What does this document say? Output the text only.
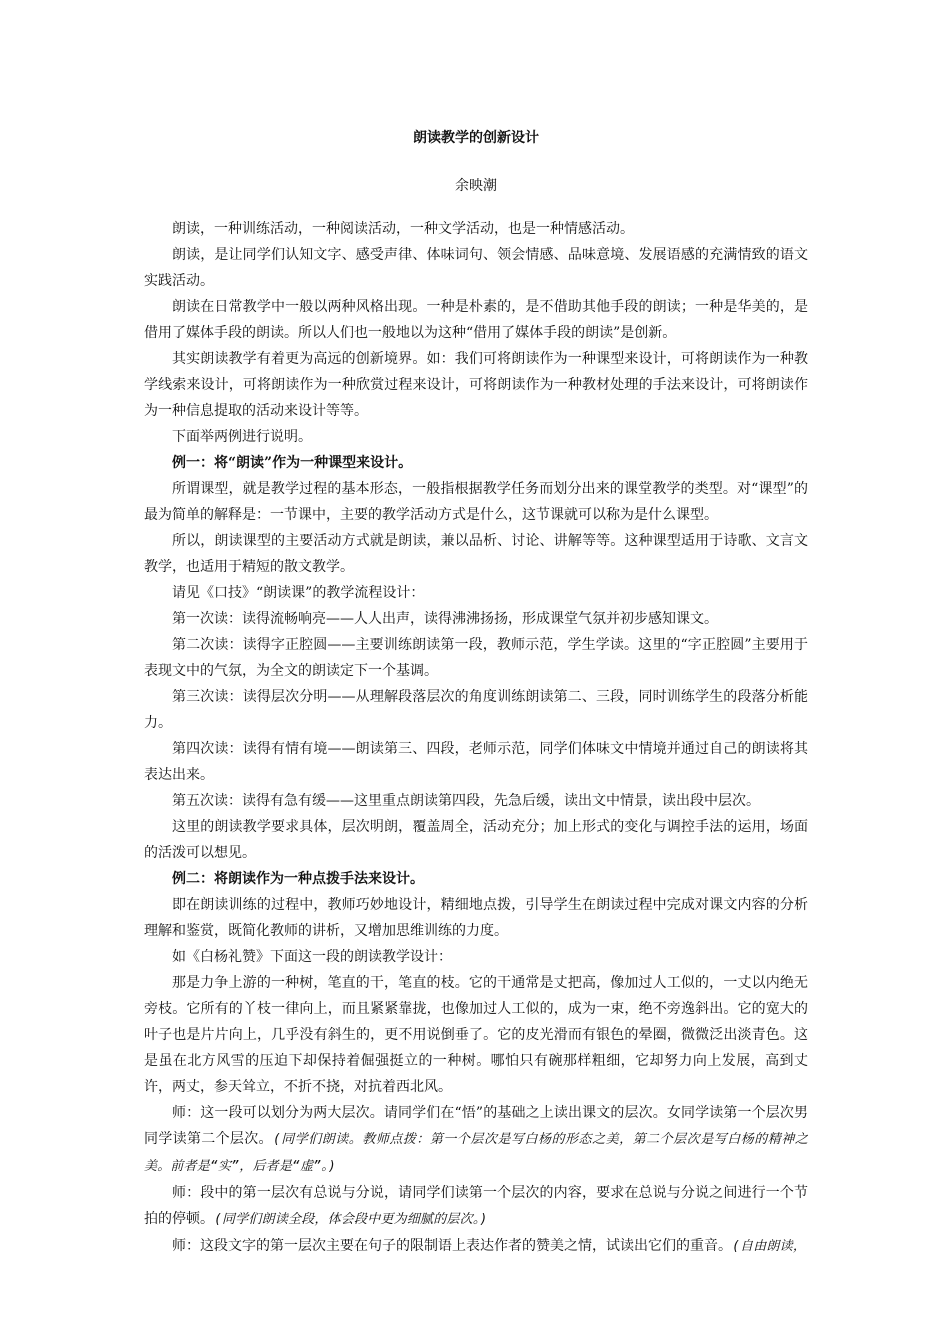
朗读教学的创新设计

余映潮

朗读，一种训练活动，一种阅读活动，一种文学活动，也是一种情感活动。

朗读，是让同学们认知文字、感受声律、体味词句、领会情感、品味意境、发展语感的充满情致的语文实践活动。

朗读在日常教学中一般以两种风格出现。一种是朴素的，是不借助其他手段的朗读；一种是华美的，是借用了媒体手段的朗读。所以人们也一般地以为这种“借用了媒体手段的朗读”是创新。

其实朗读教学有着更为高远的创新境界。如：我们可将朗读作为一种课型来设计，可将朗读作为一种教学线索来设计，可将朗读作为一种欣赏过程来设计，可将朗读作为一种教材处理的手法来设计，可将朗读作为一种信息提取的活动来设计等等。

下面举两例进行说明。

例一：将“朗读”作为一种课型来设计。

所谓课型，就是教学过程的基本形态，一般指根据教学任务而划分出来的课堂教学的类型。对“课型”的最为简单的解释是：一节课中，主要的教学活动方式是什么，这节课就可以称为是什么课型。

所以，朗读课型的主要活动方式就是朗读，兼以品析、讨论、讲解等等。这种课型适用于诗歌、文言文教学，也适用于精短的散文教学。

请见《口技》“朗读课”的教学流程设计：

第一次读：读得流畅响亮——人人出声，读得沸沸扬扬，形成课堂气氛并初步感知课文。

第二次读：读得字正腔圆——主要训练朗读第一段，教师示范，学生学读。这里的“字正腔圆”主要用于表现文中的气氛，为全文的朗读定下一个基调。

第三次读：读得层次分明——从理解段落层次的角度训练朗读第二、三段，同时训练学生的段落分析能力。

第四次读：读得有情有境——朗读第三、四段，老师示范，同学们体味文中情境并通过自己的朗读将其表达出来。

第五次读：读得有急有缓——这里重点朗读第四段，先急后缓，读出文中情景，读出段中层次。

这里的朗读教学要求具体，层次明朗，覆盖周全，活动充分；加上形式的变化与调控手法的运用，场面的活泼可以想见。

例二：将朗读作为一种点拨手法来设计。

即在朗读训练的过程中，教师巧妙地设计，精细地点拨，引导学生在朗读过程中完成对课文内容的分析理解和鉴赏，既简化教师的讲析，又增加思维训练的力度。

如《白杨礼赞》下面这一段的朗读教学设计：

那是力争上游的一种树，笔直的干，笔直的枝。它的干通常是丈把高，像加过人工似的，一丈以内绝无旁枝。它所有的丫枝一律向上，而且紧紧靠拢，也像加过人工似的，成为一束，绝不旁逸斜出。它的宽大的叶子也是片片向上，几乎没有斜生的，更不用说倒垂了。它的皮光滑而有银色的晕圈，微微泛出淡青色。这是虽在北方风雪的压迫下却保持着倔强挺立的一种树。哪怕只有碗那样粗细，它却努力向上发展，高到丈许，两丈，参天耸立，不折不挠，对抗着西北风。

师：这一段可以划分为两大层次。请同学们在“悟”的基础之上读出课文的层次。女同学读第一个层次男同学读第二个层次。(同学们朗读。教师点拨：第一个层次是写白杨的形态之美，第二个层次是写白杨的精神之美。前者是“实”，后者是“虚”。)

师：段中的第一层次有总说与分说，请同学们读第一个层次的内容，要求在总说与分说之间进行一个节拍的停顿。(同学们朗读全段，体会段中更为细腻的层次。)

师：这段文字的第一层次主要在句子的限制语上表达作者的赞美之情，试读出它们的重音。(自由朗读，
